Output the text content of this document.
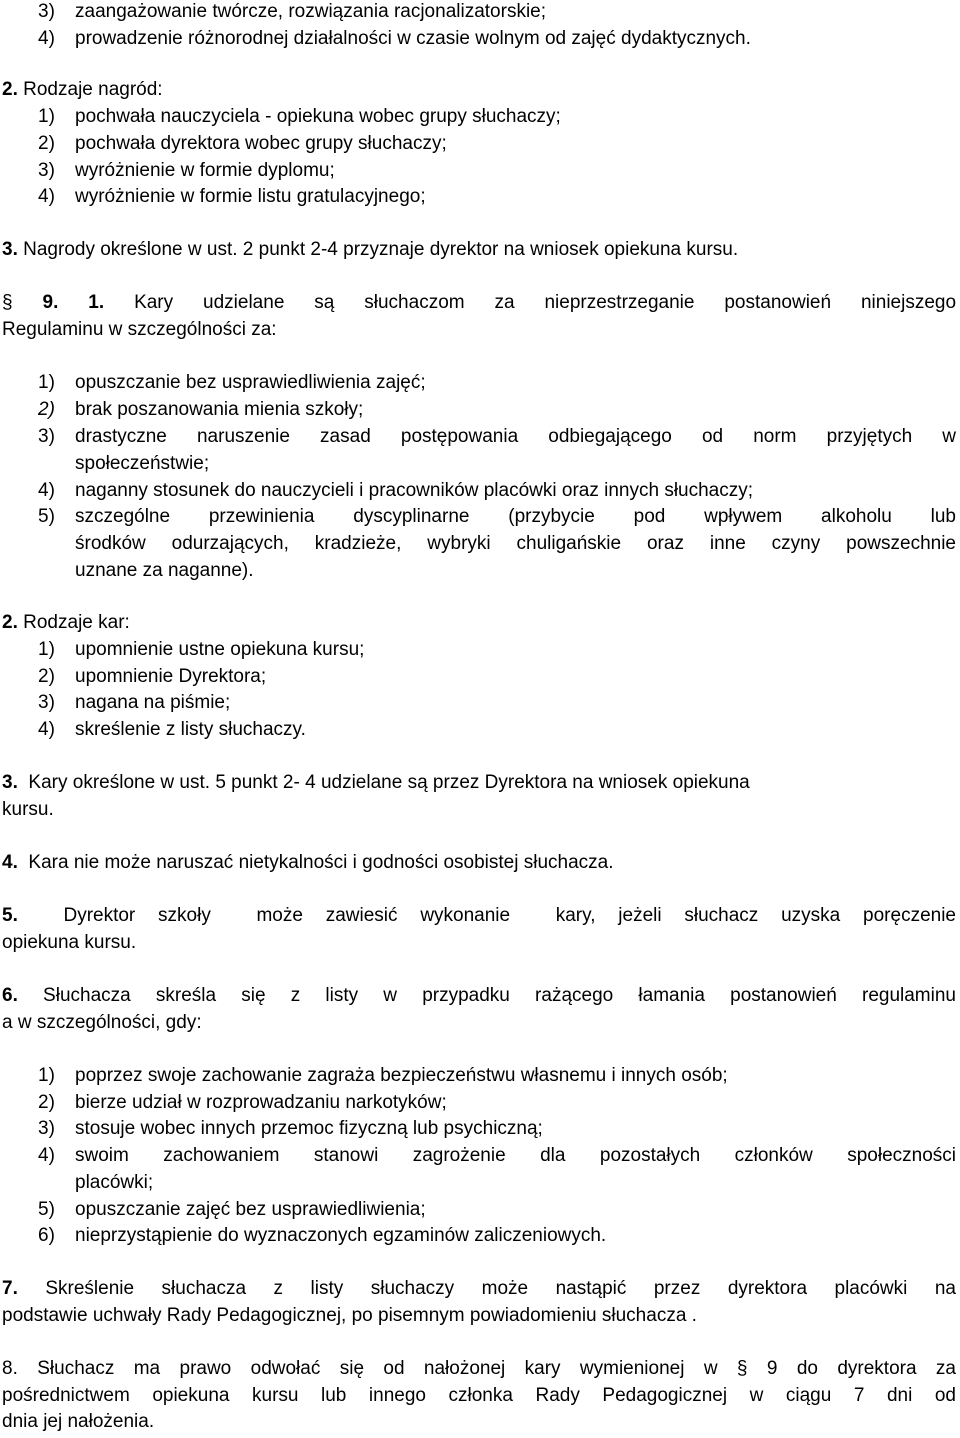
3) zaangażowanie twórcze, rozwiązania racjonalizatorskie;
4) prowadzenie różnorodnej działalności w czasie wolnym od zajęć dydaktycznych.
2. Rodzaje nagród:
1) pochwała nauczyciela - opiekuna wobec grupy słuchaczy;
2) pochwała dyrektora wobec grupy słuchaczy;
3) wyróżnienie w formie dyplomu;
4) wyróżnienie w formie listu gratulacyjnego;
3. Nagrody określone w ust. 2 punkt 2-4 przyznaje dyrektor na wniosek opiekuna kursu.
§ 9. 1. Kary udzielane są słuchaczom za nieprzestrzeganie postanowień niniejszego
Regulaminu w szczególności za:
1) opuszczanie bez usprawiedliwienia zajęć;
2) brak poszanowania mienia szkoły;
3) drastyczne naruszenie zasad postępowania odbiegającego od norm przyjętych w
społeczeństwie;
4) naganny stosunek do nauczycieli i pracowników placówki oraz innych słuchaczy;
5) szczególne przewinienia dyscyplinarne (przybycie pod wpływem alkoholu lub
środków odurzających, kradzieże, wybryki chuligańskie oraz inne czyny powszechnie
uznane za naganne).
2. Rodzaje kar:
1) upomnienie ustne opiekuna kursu;
2) upomnienie Dyrektora;
3) nagana na piśmie;
4) skreślenie z listy słuchaczy.
3. Kary określone w ust. 5 punkt 2- 4 udzielane są przez Dyrektora na wniosek opiekuna
kursu.
4. Kara nie może naruszać nietykalności i godności osobistej słuchacza.
5. Dyrektor szkoły  może zawiesić wykonanie  kary, jeżeli słuchacz uzyska poręczenie
opiekuna kursu.
6. Słuchacza skreśla się z listy w przypadku rażącego łamania postanowień regulaminu
a w szczególności, gdy:
1) poprzez swoje zachowanie zagraża bezpieczeństwu własnemu i innych osób;
2) bierze udział w rozprowadzaniu narkotyków;
3) stosuje wobec innych przemoc fizyczną lub psychiczną;
4) swoim zachowaniem stanowi zagrożenie dla pozostałych członków społeczności
placówki;
5) opuszczanie zajęć bez usprawiedliwienia;
6) nieprzystąpienie do wyznaczonych egzaminów zaliczeniowych.
7. Skreślenie słuchacza z listy słuchaczy może nastąpić przez dyrektora placówki na
podstawie uchwały Rady Pedagogicznej, po pisemnym powiadomieniu słuchacza .
8. Słuchacz ma prawo odwołać się od nałożonej kary wymienionej w § 9 do dyrektora za
pośrednictwem opiekuna kursu lub innego członka Rady Pedagogicznej w ciągu 7 dni od
dnia jej nałożenia.
